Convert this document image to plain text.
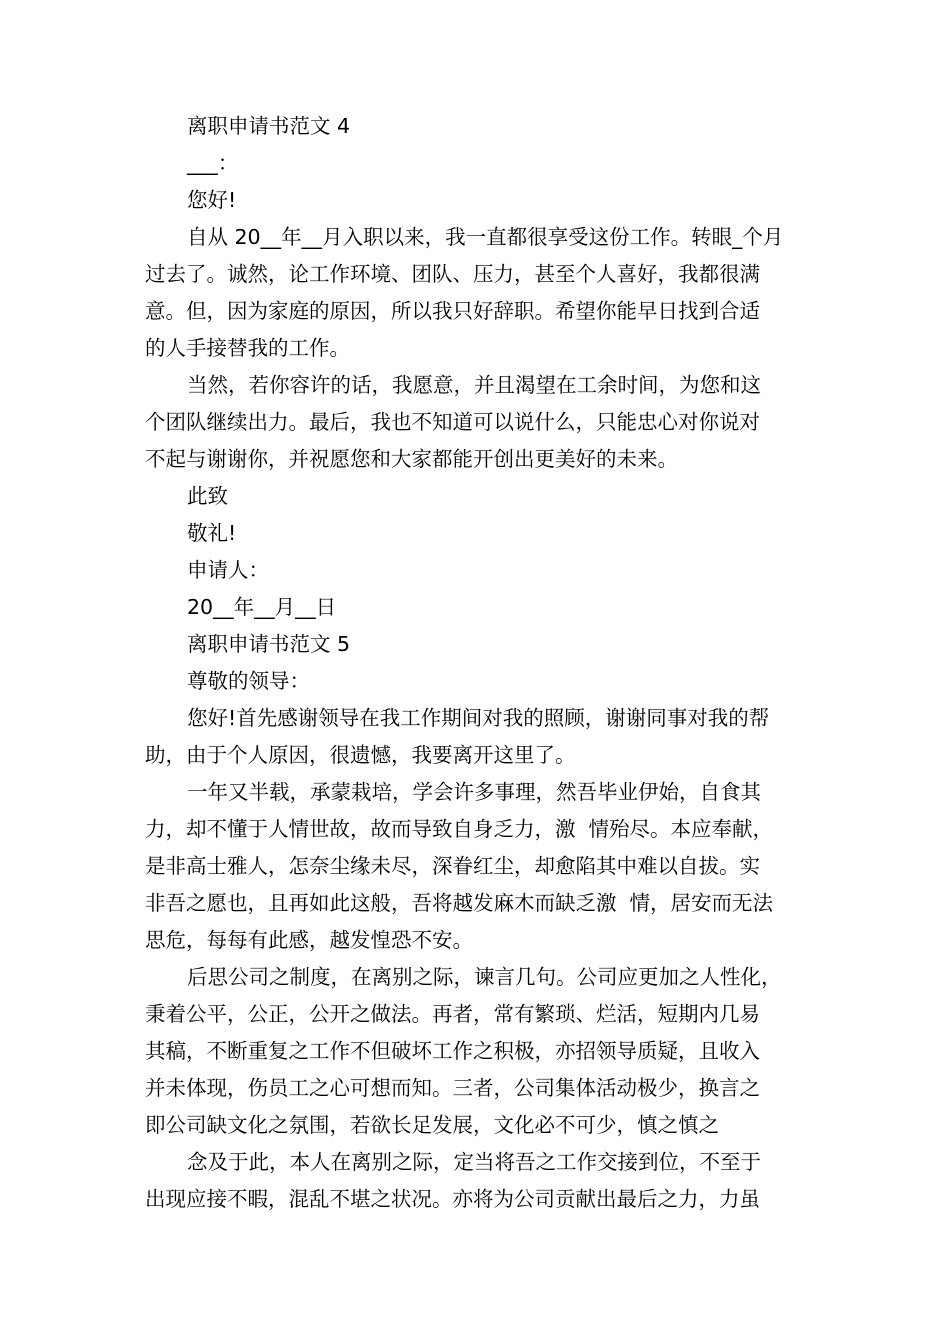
离职申请书范文 4

___：

您好!

自从 20__年__月入职以来，我一直都很享受这份工作。转眼_个月

过去了。诚然，论工作环境、团队、压力，甚至个人喜好，我都很满

意。但，因为家庭的原因，所以我只好辞职。希望你能早日找到合适

的人手接替我的工作。

当然，若你容许的话，我愿意，并且渴望在工余时间，为您和这

个团队继续出力。最后，我也不知道可以说什么，只能忠心对你说对

不起与谢谢你，并祝愿您和大家都能开创出更美好的未来。

此致

敬礼!

申请人：

20__年__月__日

离职申请书范文 5

尊敬的领导：

您好!首先感谢领导在我工作期间对我的照顾，谢谢同事对我的帮

助，由于个人原因，很遗憾，我要离开这里了。

一年又半载，承蒙栽培，学会许多事理，然吾毕业伊始，自食其

力，却不懂于人情世故，故而导致自身乏力，激  情殆尽。本应奉献，

是非高士雅人，怎奈尘缘未尽，深眷红尘，却愈陷其中难以自拔。实

非吾之愿也，且再如此这般，吾将越发麻木而缺乏激  情，居安而无法

思危，每每有此感，越发惶恐不安。

后思公司之制度，在离别之际，谏言几句。公司应更加之人性化，

秉着公平，公正，公开之做法。再者，常有繁琐、烂活，短期内几易

其稿，不断重复之工作不但破坏工作之积极，亦招领导质疑，且收入

并未体现，伤员工之心可想而知。三者，公司集体活动极少，换言之

即公司缺文化之氛围，若欲长足发展，文化必不可少，慎之慎之

念及于此，本人在离别之际，定当将吾之工作交接到位，不至于

出现应接不暇，混乱不堪之状况。亦将为公司贡献出最后之力，力虽
